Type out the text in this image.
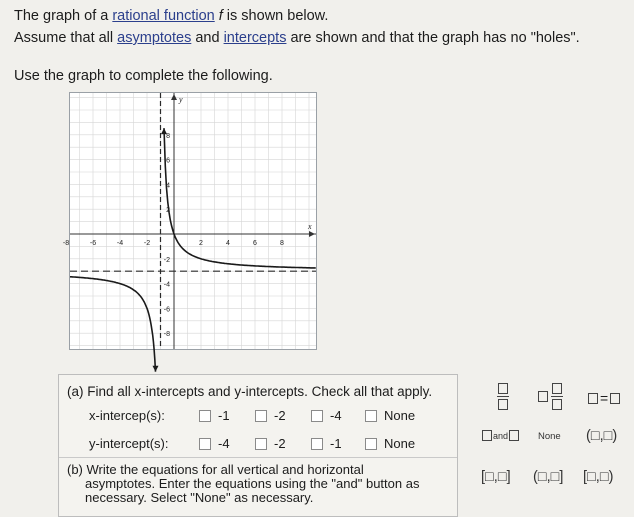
The graph of a rational function f is shown below.
Assume that all asymptotes and intercepts are shown and that the graph has no "holes".
Use the graph to complete the following.
-8	-6	-4	-2	2	4	6	8
8
6
4
2
-2
-4
-6
-8
x
y
(a) Find all x-intercepts and y-intercepts. Check all that apply.
x-intercep(s):	-1	-2	-4	None
y-intercept(s):	-4	-2	-1	None
(b) Write the equations for all vertical and horizontal
asymptotes. Enter the equations using the "and" button as
necessary. Select "None" as necessary.
=
and	None (□,□)
[□,□] (□,□] [□,□)
